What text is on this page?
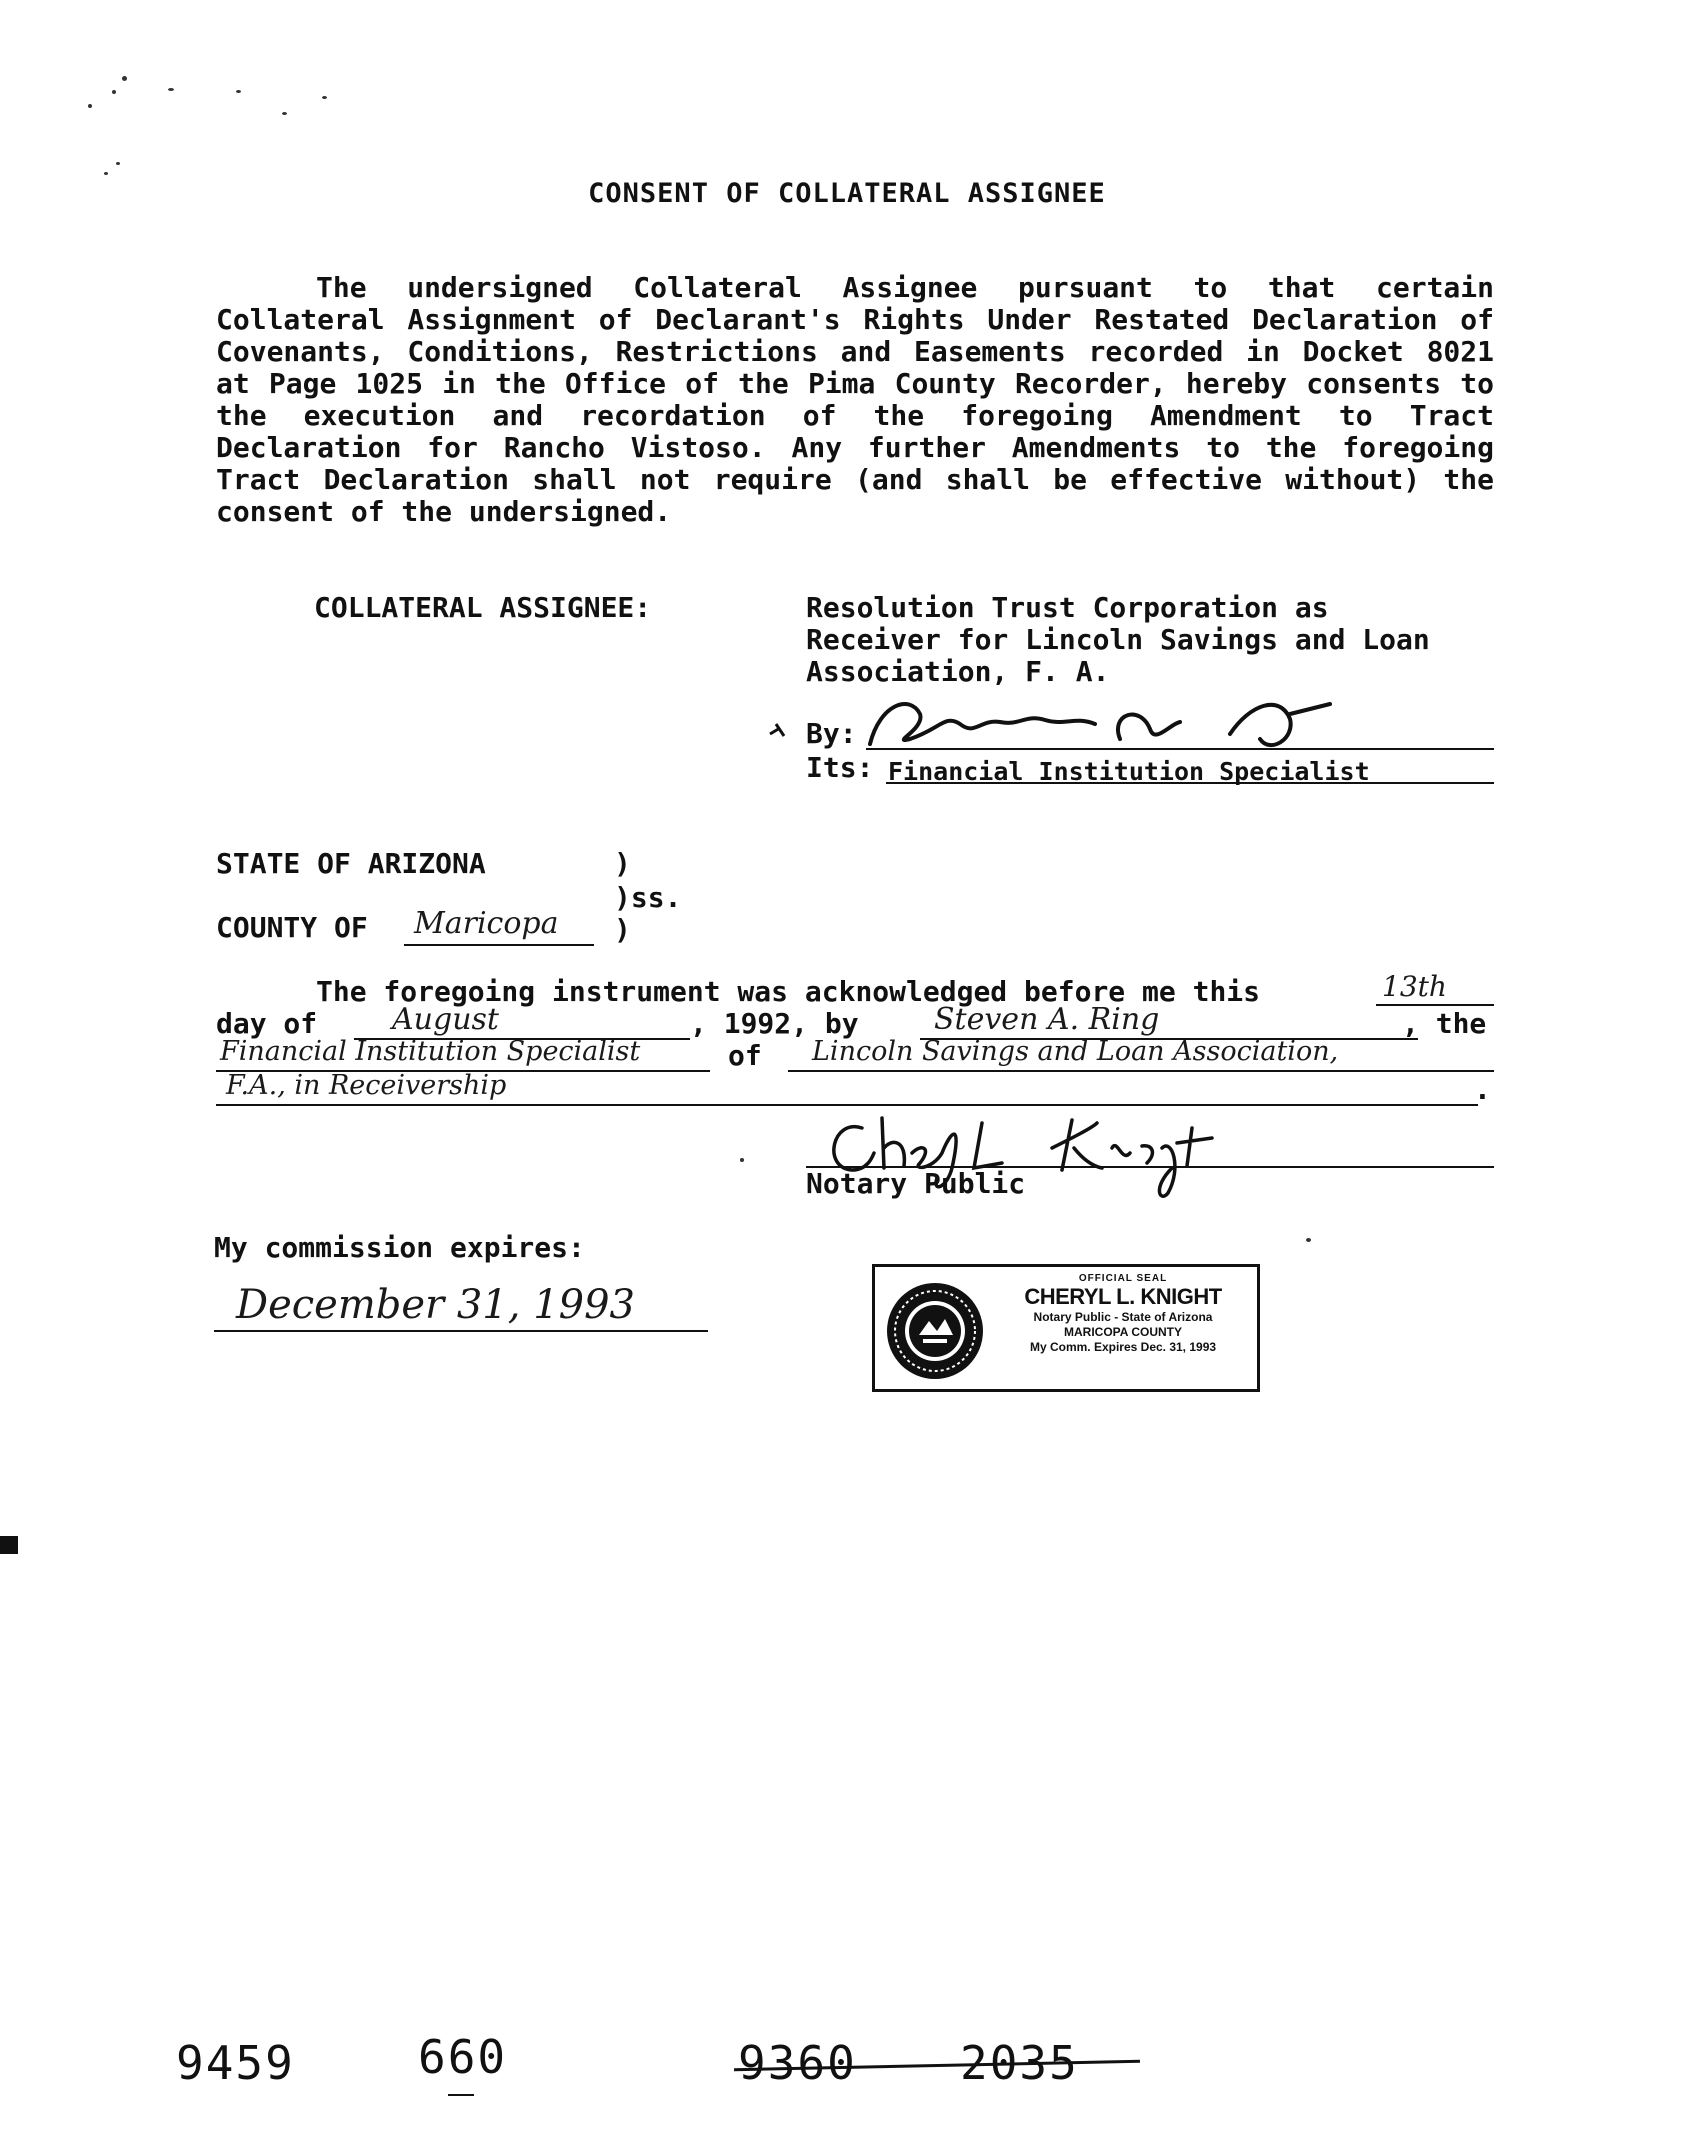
CONSENT OF COLLATERAL ASSIGNEE
The undersigned Collateral Assignee pursuant to that certain Collateral Assignment of Declarant's Rights Under Restated Declaration of Covenants, Conditions, Restrictions and Easements recorded in Docket 8021 at Page 1025 in the Office of the Pima County Recorder, hereby consents to the execution and recordation of the foregoing Amendment to Tract Declaration for Rancho Vistoso. Any further Amendments to the foregoing Tract Declaration shall not require (and shall be effective without) the consent of the undersigned.
COLLATERAL ASSIGNEE:	Resolution Trust Corporation as Receiver for Lincoln Savings and Loan Association, F. A.
By:
Its: Financial Institution Specialist
STATE OF ARIZONA	)
)ss.
COUNTY OF Maricopa )
The foregoing instrument was acknowledged before me this	13th
day of August	, 1992, by	Steven A. Ring	, the
Financial Institution Specialist	of Lincoln Savings and Loan Association,
F.A., in Receivership	.
Notary Public
My commission expires:
December 31, 1993
OFFICIAL SEAL
CHERYL L. KNIGHT
Notary Public - State of Arizona
MARICOPA COUNTY
My Comm. Expires Dec. 31, 1993
9459	660	9360 2035
